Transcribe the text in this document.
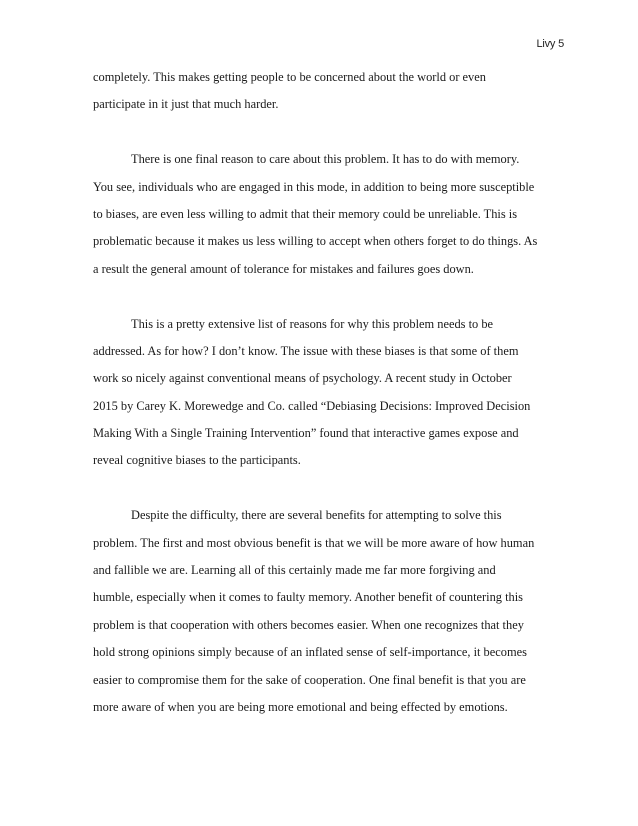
Livy 5
completely. This makes getting people to be concerned about the world or even
participate in it just that much harder.
There is one final reason to care about this problem. It has to do with memory.
You see, individuals who are engaged in this mode, in addition to being more susceptible
to biases, are even less willing to admit that their memory could be unreliable. This is
problematic because it makes us less willing to accept when others forget to do things. As
a result the general amount of tolerance for mistakes and failures goes down.
This is a pretty extensive list of reasons for why this problem needs to be
addressed. As for how? I don’t know. The issue with these biases is that some of them
work so nicely against conventional means of psychology. A recent study in October
2015 by Carey K. Morewedge and Co. called “Debiasing Decisions: Improved Decision
Making With a Single Training Intervention” found that interactive games expose and
reveal cognitive biases to the participants.
Despite the difficulty, there are several benefits for attempting to solve this
problem. The first and most obvious benefit is that we will be more aware of how human
and fallible we are. Learning all of this certainly made me far more forgiving and
humble, especially when it comes to faulty memory. Another benefit of countering this
problem is that cooperation with others becomes easier. When one recognizes that they
hold strong opinions simply because of an inflated sense of self-importance, it becomes
easier to compromise them for the sake of cooperation. One final benefit is that you are
more aware of when you are being more emotional and being effected by emotions.
